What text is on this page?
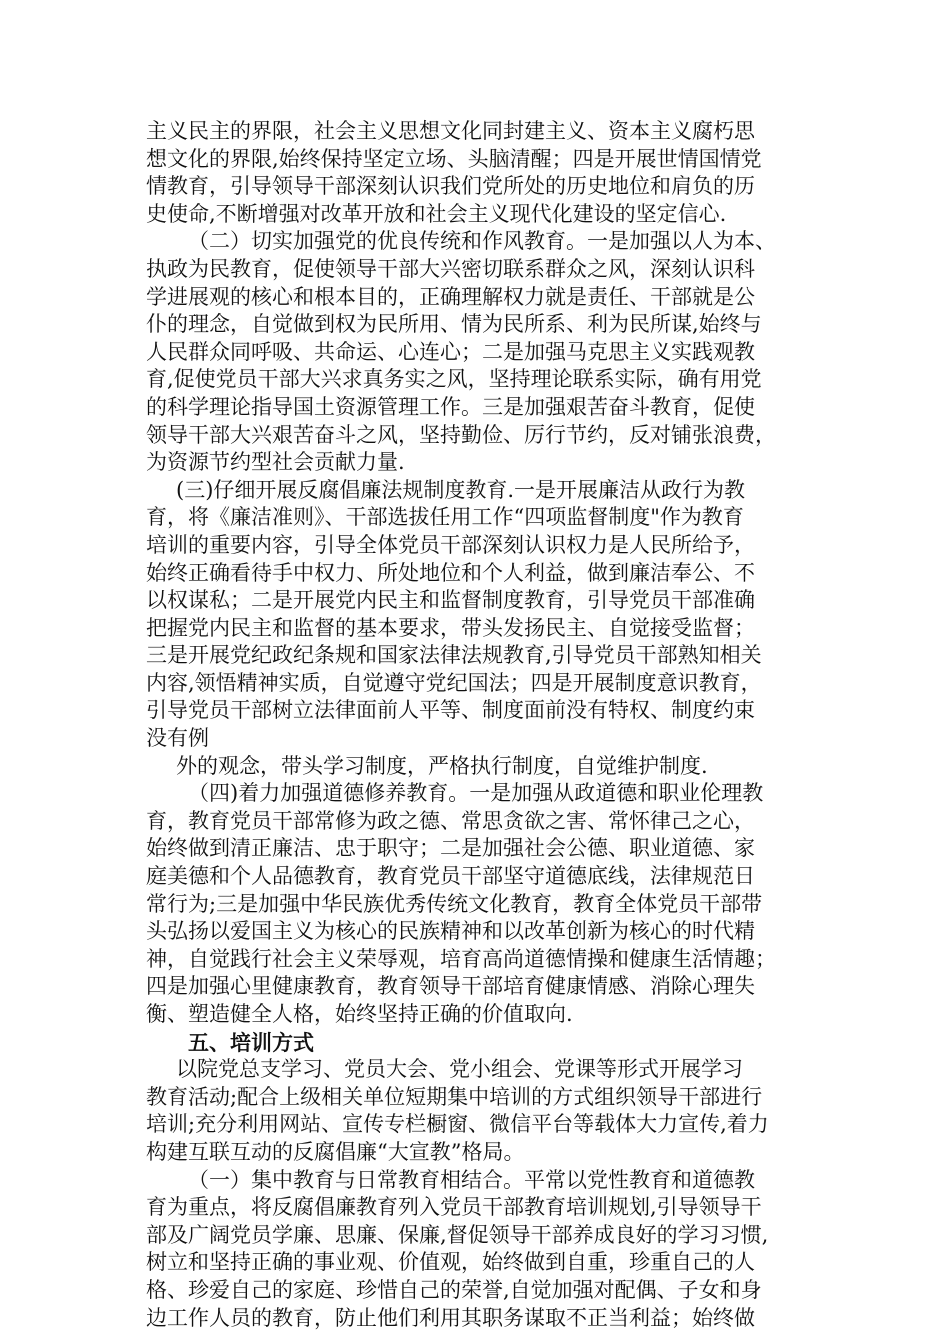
主义民主的界限，社会主义思想文化同封建主义、资本主义腐朽思
想文化的界限,始终保持坚定立场、头脑清醒；四是开展世情国情党
情教育，引导领导干部深刻认识我们党所处的历史地位和肩负的历
史使命,不断增强对改革开放和社会主义现代化建设的坚定信心.
（二）切实加强党的优良传统和作风教育。一是加强以人为本、
执政为民教育，促使领导干部大兴密切联系群众之风，深刻认识科
学进展观的核心和根本目的，正确理解权力就是责任、干部就是公
仆的理念，自觉做到权为民所用、情为民所系、利为民所谋,始终与
人民群众同呼吸、共命运、心连心；二是加强马克思主义实践观教
育,促使党员干部大兴求真务实之风，坚持理论联系实际，确有用党
的科学理论指导国土资源管理工作。三是加强艰苦奋斗教育，促使
领导干部大兴艰苦奋斗之风，坚持勤俭、厉行节约，反对铺张浪费，
为资源节约型社会贡献力量.
(三)仔细开展反腐倡廉法规制度教育.一是开展廉洁从政行为教
育，将《廉洁准则》、干部选拔任用工作“四项监督制度"作为教育
培训的重要内容，引导全体党员干部深刻认识权力是人民所给予，
始终正确看待手中权力、所处地位和个人利益，做到廉洁奉公、不
以权谋私；二是开展党内民主和监督制度教育，引导党员干部准确
把握党内民主和监督的基本要求，带头发扬民主、自觉接受监督；
三是开展党纪政纪条规和国家法律法规教育,引导党员干部熟知相关
内容,领悟精神实质，自觉遵守党纪国法；四是开展制度意识教育，
引导党员干部树立法律面前人平等、制度面前没有特权、制度约束
没有例
外的观念，带头学习制度，严格执行制度，自觉维护制度.
（四)着力加强道德修养教育。一是加强从政道德和职业伦理教
育，教育党员干部常修为政之德、常思贪欲之害、常怀律己之心，
始终做到清正廉洁、忠于职守；二是加强社会公德、职业道德、家
庭美德和个人品德教育，教育党员干部坚守道德底线，法律规范日
常行为;三是加强中华民族优秀传统文化教育，教育全体党员干部带
头弘扬以爱国主义为核心的民族精神和以改革创新为核心的时代精
神，自觉践行社会主义荣辱观，培育高尚道德情操和健康生活情趣；
四是加强心里健康教育，教育领导干部培育健康情感、消除心理失
衡、塑造健全人格，始终坚持正确的价值取向.
五、培训方式
以院党总支学习、党员大会、党小组会、党课等形式开展学习
教育活动;配合上级相关单位短期集中培训的方式组织领导干部进行
培训;充分利用网站、宣传专栏橱窗、微信平台等载体大力宣传,着力
构建互联互动的反腐倡廉“大宣教”格局。
（一）集中教育与日常教育相结合。平常以党性教育和道德教
育为重点，将反腐倡廉教育列入党员干部教育培训规划,引导领导干
部及广阔党员学廉、思廉、保廉,督促领导干部养成良好的学习习惯,
树立和坚持正确的事业观、价值观，始终做到自重，珍重自己的人
格、珍爱自己的家庭、珍惜自己的荣誉,自觉加强对配偶、子女和身
边工作人员的教育，防止他们利用其职务谋取不正当利益；始终做
